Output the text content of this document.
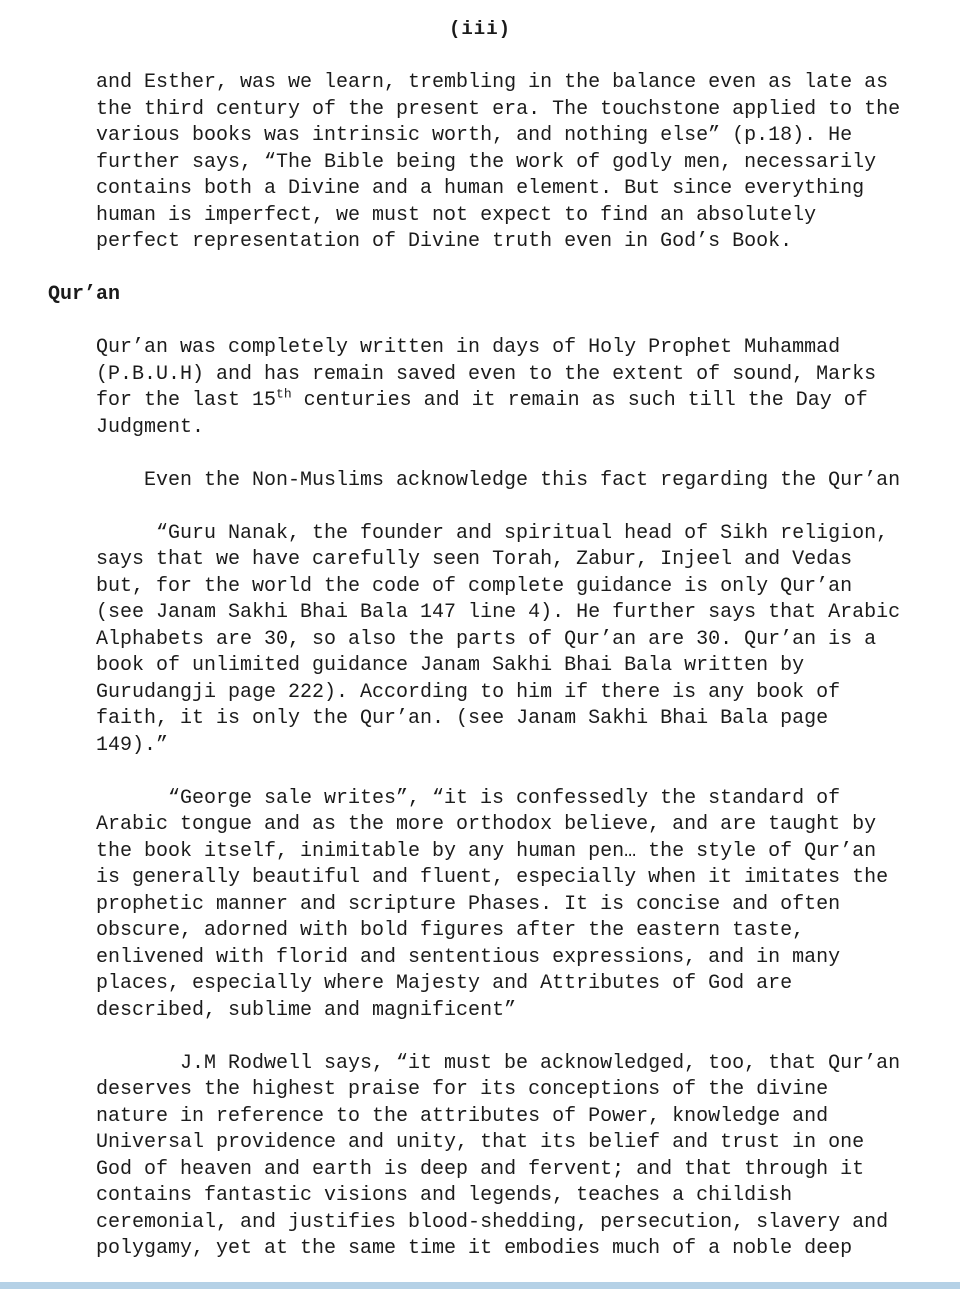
(iii)

and Esther, was we learn, trembling in the balance even as late as the third century of the present era. The touchstone applied to the various books was intrinsic worth, and nothing else” (p.18). He further says, “The Bible being the work of godly men, necessarily contains both a Divine and a human element. But since everything human is imperfect, we must not expect to find an absolutely perfect representation of Divine truth even in God’s Book.

Qur’an

Qur’an was completely written in days of Holy Prophet Muhammad (P.B.U.H) and has remain saved even to the extent of sound, Marks for the last 15th centuries and it remain as such till the Day of Judgment.

Even the Non-Muslims acknowledge this fact regarding the Qur’an

“Guru Nanak, the founder and spiritual head of Sikh religion, says that we have carefully seen Torah, Zabur, Injeel and Vedas but, for the world the code of complete guidance is only Qur’an (see Janam Sakhi Bhai Bala 147 line 4). He further says that Arabic Alphabets are 30, so also the parts of Qur’an are 30. Qur’an is a book of unlimited guidance Janam Sakhi Bhai Bala written by Gurudangji page 222). According to him if there is any book of faith, it is only the Qur’an. (see Janam Sakhi Bhai Bala page 149).”

“George sale writes”, “it is confessedly the standard of Arabic tongue and as the more orthodox believe, and are taught by the book itself, inimitable by any human pen… the style of Qur’an is generally beautiful and fluent, especially when it imitates the prophetic manner and scripture Phases. It is concise and often obscure, adorned with bold figures after the eastern taste, enlivened with florid and sententious expressions, and in many places, especially where Majesty and Attributes of God are described, sublime and magnificent”

J.M Rodwell says, “it must be acknowledged, too, that Qur’an deserves the highest praise for its conceptions of the divine nature in reference to the attributes of Power, knowledge and Universal providence and unity, that its belief and trust in one God of heaven and earth is deep and fervent; and that through it contains fantastic visions and legends, teaches a childish ceremonial, and justifies blood-shedding, persecution, slavery and polygamy, yet at the same time it embodies much of a noble deep
